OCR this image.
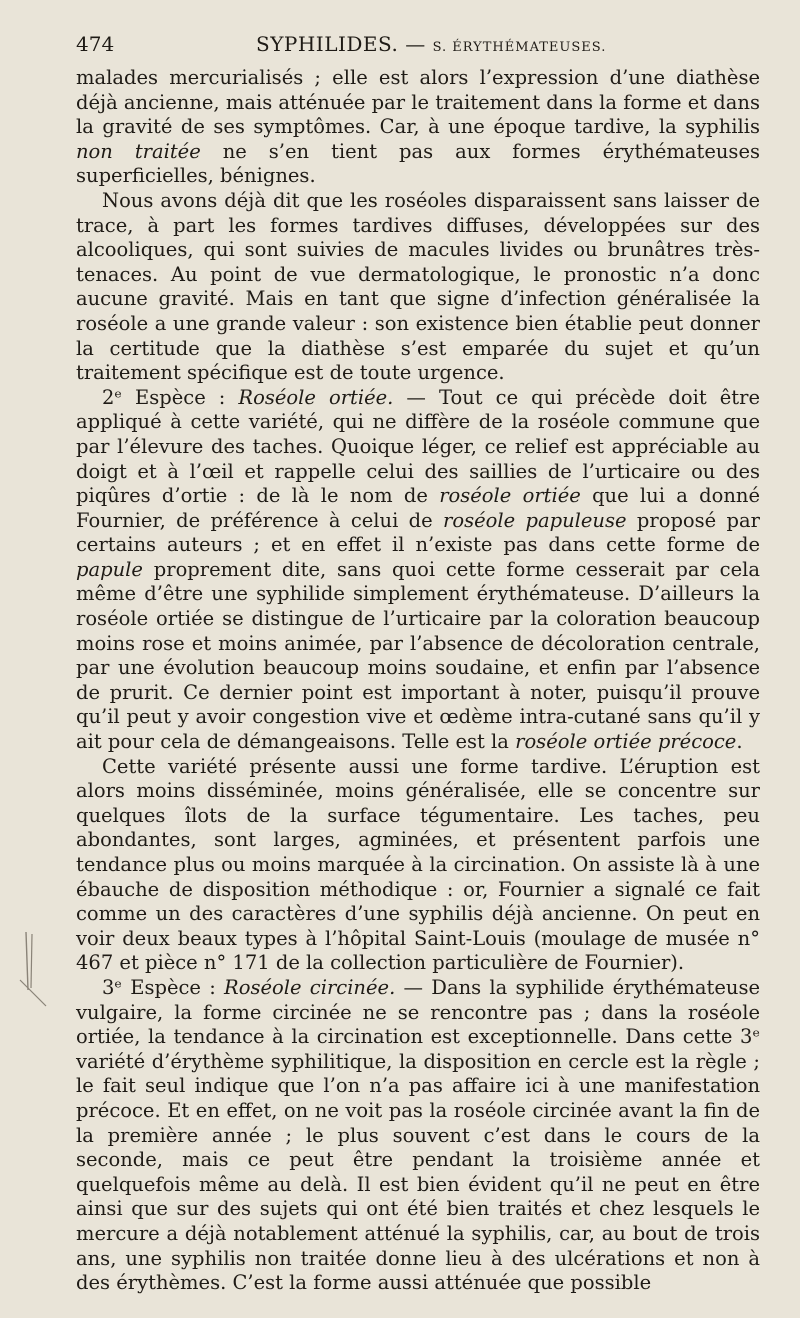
474	SYPHILIDES. — S. ÉRYTHÉMATEUSES.

malades mercurialisés ; elle est alors l’expression d’une diathèse déjà ancienne, mais atténuée par le traitement dans la forme et dans la gravité de ses symptômes. Car, à une époque tardive, la syphilis non traitée ne s’en tient pas aux formes érythémateuses superficielles, bénignes.

Nous avons déjà dit que les roséoles disparaissent sans laisser de trace, à part les formes tardives diffuses, développées sur des alcooliques, qui sont suivies de macules livides ou brunâtres très-tenaces. Au point de vue dermatologique, le pronostic n’a donc aucune gravité. Mais en tant que signe d’infection généralisée la roséole a une grande valeur : son existence bien établie peut donner la certitude que la diathèse s’est emparée du sujet et qu’un traitement spécifique est de toute urgence.

2ᵉ Espèce : Roséole ortiée. — Tout ce qui précède doit être appliqué à cette variété, qui ne diffère de la roséole commune que par l’élevure des taches. Quoique léger, ce relief est appréciable au doigt et à l’œil et rappelle celui des saillies de l’urticaire ou des piqûres d’ortie : de là le nom de roséole ortiée que lui a donné Fournier, de préférence à celui de roséole papuleuse proposé par certains auteurs ; et en effet il n’existe pas dans cette forme de papule proprement dite, sans quoi cette forme cesserait par cela même d’être une syphilide simplement érythémateuse. D’ailleurs la roséole ortiée se distingue de l’urticaire par la coloration beaucoup moins rose et moins animée, par l’absence de décoloration centrale, par une évolution beaucoup moins soudaine, et enfin par l’absence de prurit. Ce dernier point est important à noter, puisqu’il prouve qu’il peut y avoir congestion vive et œdème intra-cutané sans qu’il y ait pour cela de démangeaisons. Telle est la roséole ortiée précoce.

Cette variété présente aussi une forme tardive. L’éruption est alors moins disséminée, moins généralisée, elle se concentre sur quelques îlots de la surface tégumentaire. Les taches, peu abondantes, sont larges, agminées, et présentent parfois une tendance plus ou moins marquée à la circination. On assiste là à une ébauche de disposition méthodique : or, Fournier a signalé ce fait comme un des caractères d’une syphilis déjà ancienne. On peut en voir deux beaux types à l’hôpital Saint-Louis (moulage de musée n° 467 et pièce n° 171 de la collection particulière de Fournier).

3ᵉ Espèce : Roséole circinée. — Dans la syphilide érythémateuse vulgaire, la forme circinée ne se rencontre pas ; dans la roséole ortiée, la tendance à la circination est exceptionnelle. Dans cette 3ᵉ variété d’érythème syphilitique, la disposition en cercle est la règle ; le fait seul indique que l’on n’a pas affaire ici à une manifestation précoce. Et en effet, on ne voit pas la roséole circinée avant la fin de la première année ; le plus souvent c’est dans le cours de la seconde, mais ce peut être pendant la troisième année et quelquefois même au delà. Il est bien évident qu’il ne peut en être ainsi que sur des sujets qui ont été bien traités et chez lesquels le mercure a déjà notablement atténué la syphilis, car, au bout de trois ans, une syphilis non traitée donne lieu à des ulcérations et non à des érythèmes. C’est la forme aussi atténuée que possible
